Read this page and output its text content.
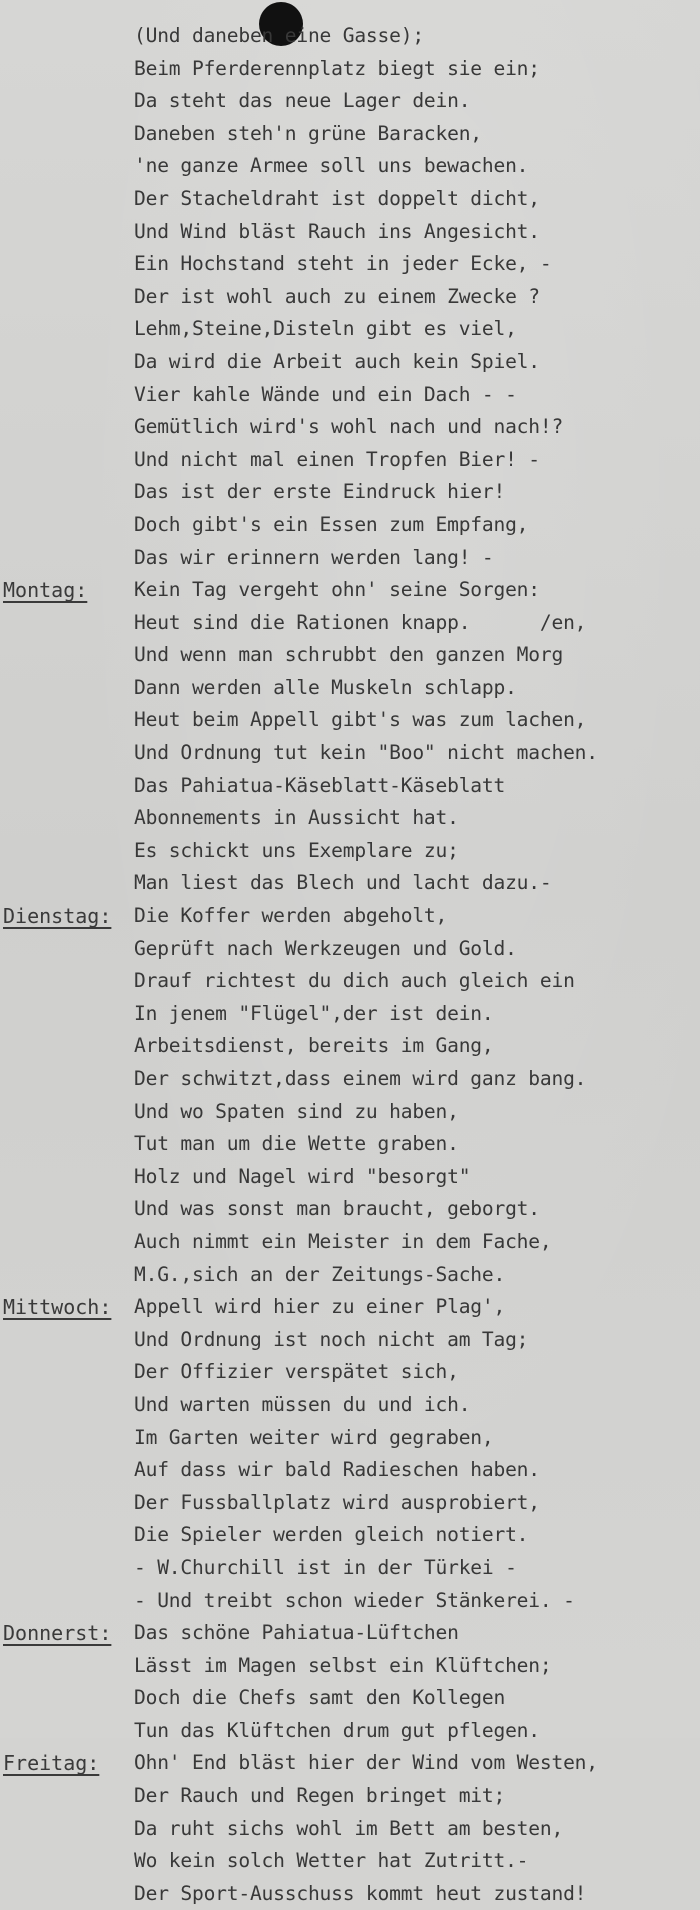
(Und daneben eine Gasse);
Beim Pferderennplatz biegt sie ein;
Da steht das neue Lager dein.
Daneben steh'n grüne Baracken,
'ne ganze Armee soll uns bewachen.
Der Stacheldraht ist doppelt dicht,
Und Wind bläst Rauch ins Angesicht.
Ein Hochstand steht in jeder Ecke, -
Der ist wohl auch zu einem Zwecke ?
Lehm,Steine,Disteln gibt es viel,
Da wird die Arbeit auch kein Spiel.
Vier kahle Wände und ein Dach - -
Gemütlich wird's wohl nach und nach!?
Und nicht mal einen Tropfen Bier! -
Das ist der erste Eindruck hier!
Doch gibt's ein Essen zum Empfang,
Das wir erinnern werden lang! -
Montag: Kein Tag vergeht ohn' seine Sorgen:
Heut sind die Rationen knapp.      /en,
Und wenn man schrubbt den ganzen Morg
Dann werden alle Muskeln schlapp.
Heut beim Appell gibt's was zum lachen,
Und Ordnung tut kein "Boo" nicht machen.
Das Pahiatua-Käseblatt-Käseblatt
Abonnements in Aussicht hat.
Es schickt uns Exemplare zu;
Man liest das Blech und lacht dazu.-
Dienstag: Die Koffer werden abgeholt,
Geprüft nach Werkzeugen und Gold.
Drauf richtest du dich auch gleich ein
In jenem "Flügel",der ist dein.
Arbeitsdienst, bereits im Gang,
Der schwitzt,dass einem wird ganz bang.
Und wo Spaten sind zu haben,
Tut man um die Wette graben.
Holz und Nagel wird "besorgt"
Und was sonst man braucht, geborgt.
Auch nimmt ein Meister in dem Fache,
M.G.,sich an der Zeitungs-Sache.
Mittwoch: Appell wird hier zu einer Plag',
Und Ordnung ist noch nicht am Tag;
Der Offizier verspätet sich,
Und warten müssen du und ich.
Im Garten weiter wird gegraben,
Auf dass wir bald Radieschen haben.
Der Fussballplatz wird ausprobiert,
Die Spieler werden gleich notiert.
- W.Churchill ist in der Türkei -
- Und treibt schon wieder Stänkerei. -
Donnerst: Das schöne Pahiatua-Lüftchen
Lässt im Magen selbst ein Klüftchen;
Doch die Chefs samt den Kollegen
Tun das Klüftchen drum gut pflegen.
Freitag: Ohn' End bläst hier der Wind vom Westen,
Der Rauch und Regen bringet mit;
Da ruht sichs wohl im Bett am besten,
Wo kein solch Wetter hat Zutritt.-
Der Sport-Ausschuss kommt heut zustand!
